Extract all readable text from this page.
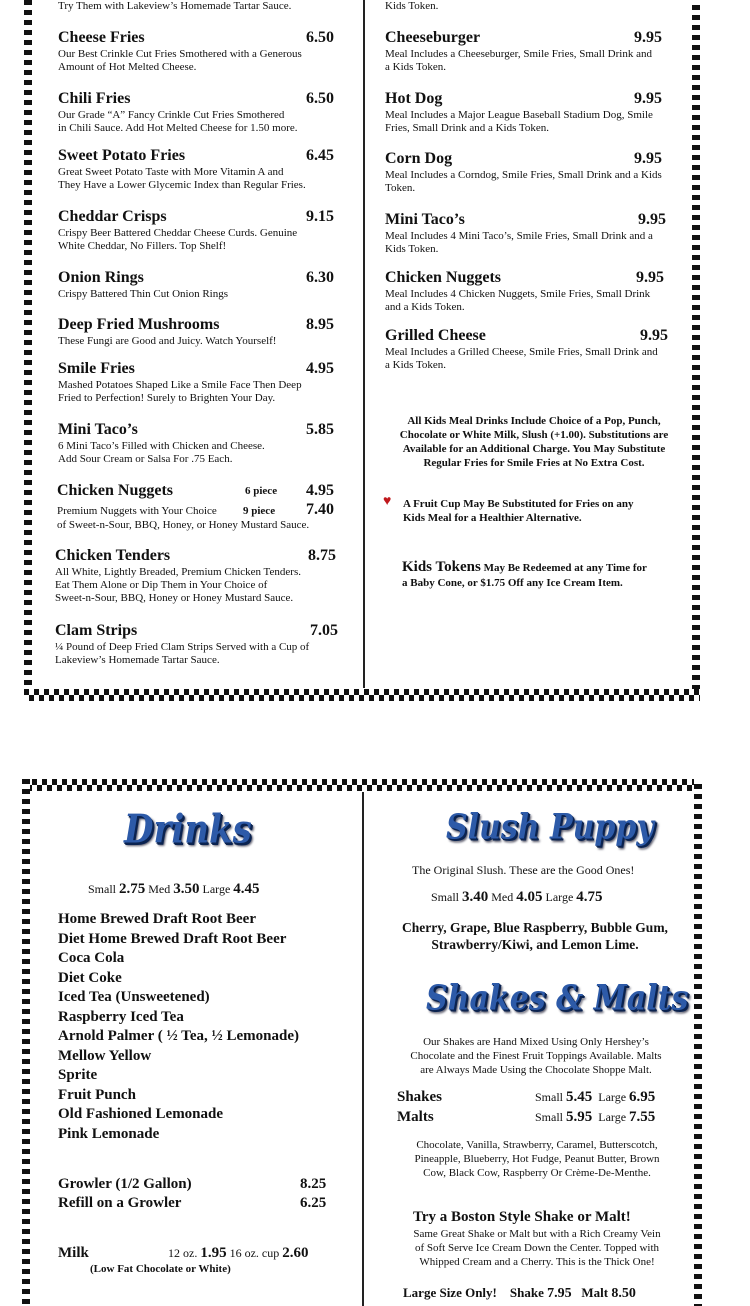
Try Them with Lakeview’s Homemade Tartar Sauce.	Kids Token.
Cheese Fries
Our Best Crinkle Cut Fries Smothered with a Generous
Amount of Hot Melted Cheese.
6.50
Chili Fries
Our Grade “A” Fancy Crinkle Cut Fries Smothered
in Chili Sauce. Add Hot Melted Cheese for 1.50 more.
6.50
Sweet Potato Fries
Great Sweet Potato Taste with More Vitamin A and
They Have a Lower Glycemic Index than Regular Fries.
6.45
Cheddar Crisps
Crispy Beer Battered Cheddar Cheese Curds. Genuine
White Cheddar, No Fillers. Top Shelf!
9.15
Onion Rings
Crispy Battered Thin Cut Onion Rings
6.30
Deep Fried Mushrooms
These Fungi are Good and Juicy. Watch Yourself!
8.95
Smile Fries
Mashed Potatoes Shaped Like a Smile Face Then Deep
Fried to Perfection! Surely to Brighten Your Day.
4.95
Mini Taco’s
6 Mini Taco’s Filled with Chicken and Cheese.
Add Sour Cream or Salsa For .75 Each.
5.85
Chicken Nuggets	6 piece 4.95
Premium Nuggets with Your Choice 9 piece 7.40
of Sweet-n-Sour, BBQ, Honey, or Honey Mustard Sauce.
Chicken Tenders
All White, Lightly Breaded, Premium Chicken Tenders.
Eat Them Alone or Dip Them in Your Choice of
Sweet-n-Sour, BBQ, Honey or Honey Mustard Sauce.
8.75
Clam Strips
¼ Pound of Deep Fried Clam Strips Served with a Cup of
Lakeview’s Homemade Tartar Sauce.
7.05
Cheeseburger
Meal Includes a Cheeseburger, Smile Fries, Small Drink and
a Kids Token.
9.95
Hot Dog
Meal Includes a Major League Baseball Stadium Dog, Smile
Fries, Small Drink and a Kids Token.
9.95
Corn Dog
Meal Includes a Corndog, Smile Fries, Small Drink and a Kids
Token.
9.95
Mini Taco’s
Meal Includes 4 Mini Taco’s, Smile Fries, Small Drink and a
Kids Token.
9.95
Chicken Nuggets
Meal Includes 4 Chicken Nuggets, Smile Fries, Small Drink
and a Kids Token.
9.95
Grilled Cheese
Meal Includes a Grilled Cheese, Smile Fries, Small Drink and
a Kids Token.
9.95
All Kids Meal Drinks Include Choice of a Pop, Punch,
Chocolate or White Milk, Slush (+1.00). Substitutions are
Available for an Additional Charge. You May Substitute
Regular Fries for Smile Fries at No Extra Cost.
♥ A Fruit Cup May Be Substituted for Fries on any
Kids Meal for a Healthier Alternative.
Kids Tokens May Be Redeemed at any Time for
a Baby Cone, or $1.75 Off any Ice Cream Item.
Drinks
Small 2.75 Med 3.50 Large 4.45
Home Brewed Draft Root Beer
Diet Home Brewed Draft Root Beer
Coca Cola
Diet Coke
Iced Tea (Unsweetened)
Raspberry Iced Tea
Arnold Palmer ( ½ Tea, ½ Lemonade)
Mellow Yellow
Sprite
Fruit Punch
Old Fashioned Lemonade
Pink Lemonade
Growler (1/2 Gallon)	8.25
Refill on a Growler	6.25
Milk	12 oz. 1.95 16 oz. cup 2.60
(Low Fat Chocolate or White)
Slush Puppy
The Original Slush. These are the Good Ones!
Small 3.40 Med 4.05 Large 4.75
Cherry, Grape, Blue Raspberry, Bubble Gum,
Strawberry/Kiwi, and Lemon Lime.
Shakes & Malts
Our Shakes are Hand Mixed Using Only Hershey’s
Chocolate and the Finest Fruit Toppings Available. Malts
are Always Made Using the Chocolate Shoppe Malt.
Shakes	Small 5.45 Large 6.95
Malts	Small 5.95 Large 7.55
Chocolate, Vanilla, Strawberry, Caramel, Butterscotch,
Pineapple, Blueberry, Hot Fudge, Peanut Butter, Brown
Cow, Black Cow, Raspberry Or Crème-De-Menthe.
Try a Boston Style Shake or Malt!
Same Great Shake or Malt but with a Rich Creamy Vein
of Soft Serve Ice Cream Down the Center. Topped with
Whipped Cream and a Cherry. This is the Thick One!
Large Size Only! Shake 7.95 Malt 8.50
